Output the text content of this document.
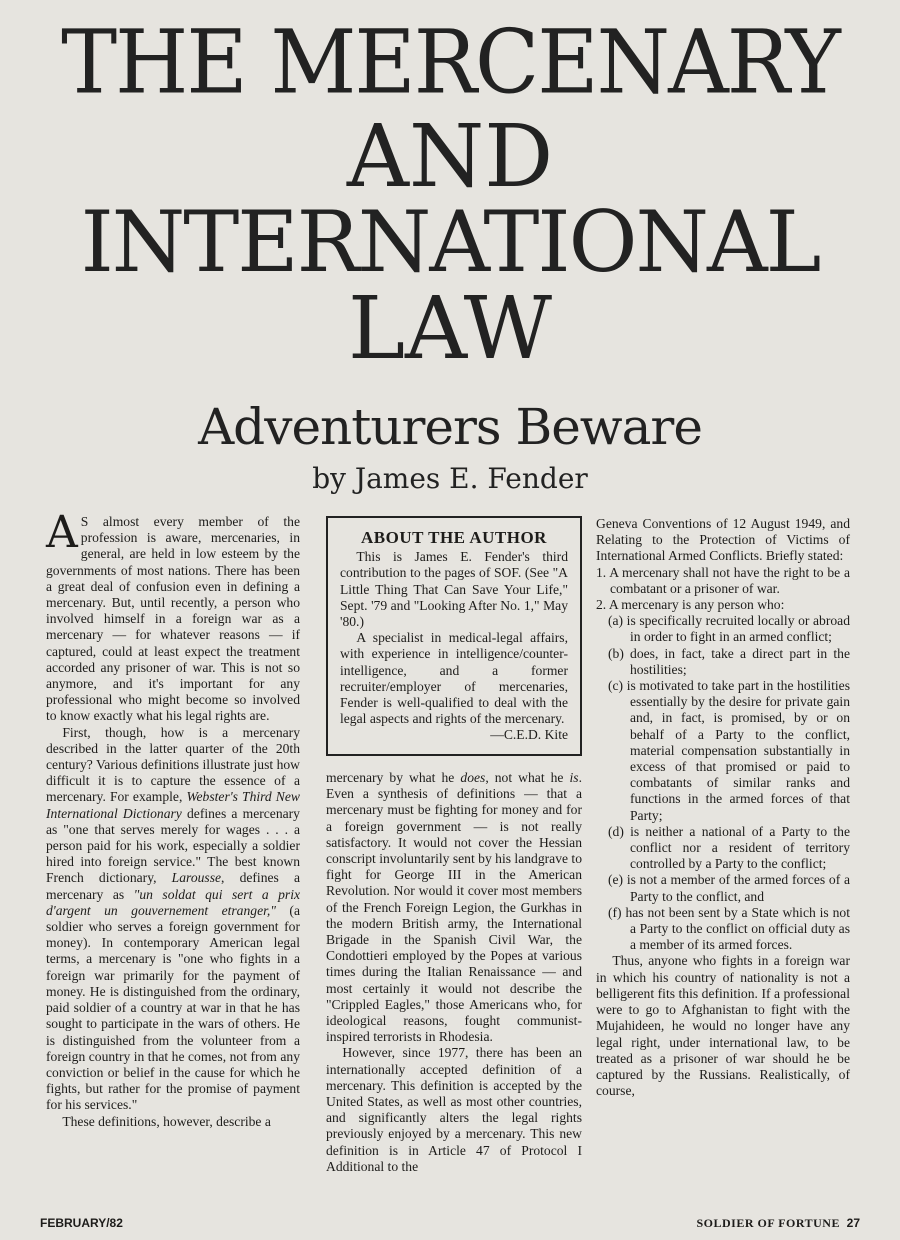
THE MERCENARY
AND
INTERNATIONAL
LAW
Adventurers Beware
by James E. Fender

A S almost every member of the profession is aware, mercenaries, in general, are held in low esteem by the governments of most nations. There has been a great deal of confusion even in defining a mercenary. But, until recently, a person who involved himself in a foreign war as a mercenary — for whatever reasons — if captured, could at least expect the treatment accorded any prisoner of war. This is not so anymore, and it's important for any professional who might become so involved to know exactly what his legal rights are.

First, though, how is a mercenary described in the latter quarter of the 20th century? Various definitions illustrate just how difficult it is to capture the essence of a mercenary. For example, Webster's Third New International Dictionary defines a mercenary as "one that serves merely for wages . . . a person paid for his work, especially a soldier hired into foreign service." The best known French dictionary, Larousse, defines a mercenary as "un soldat qui sert a prix d'argent un gouvernement etranger," (a soldier who serves a foreign government for money). In contemporary American legal terms, a mercenary is "one who fights in a foreign war primarily for the payment of money. He is distinguished from the ordinary, paid soldier of a country at war in that he has sought to participate in the wars of others. He is distinguished from the volunteer from a foreign country in that he comes, not from any conviction or belief in the cause for which he fights, but rather for the promise of payment for his services."

These definitions, however, describe a

ABOUT THE AUTHOR

This is James E. Fender's third contribution to the pages of SOF. (See "A Little Thing That Can Save Your Life," Sept. '79 and "Looking After No. 1," May '80.)

A specialist in medical-legal affairs, with experience in intelligence/counter-intelligence, and a former recruiter/employer of mercenaries, Fender is well-qualified to deal with the legal aspects and rights of the mercenary.
—C.E.D. Kite

mercenary by what he does, not what he is. Even a synthesis of definitions — that a mercenary must be fighting for money and for a foreign government — is not really satisfactory. It would not cover the Hessian conscript involuntarily sent by his landgrave to fight for George III in the American Revolution. Nor would it cover most members of the French Foreign Legion, the Gurkhas in the modern British army, the International Brigade in the Spanish Civil War, the Condottieri employed by the Popes at various times during the Italian Renaissance — and most certainly it would not describe the "Crippled Eagles," those Americans who, for ideological reasons, fought communist-inspired terrorists in Rhodesia.

However, since 1977, there has been an internationally accepted definition of a mercenary. This definition is accepted by the United States, as well as most other countries, and significantly alters the legal rights previously enjoyed by a mercenary. This new definition is in Article 47 of Protocol I Additional to the

Geneva Conventions of 12 August 1949, and Relating to the Protection of Victims of International Armed Conflicts. Briefly stated:

1. A mercenary shall not have the right to be a combatant or a prisoner of war.
2. A mercenary is any person who:
(a) is specifically recruited locally or abroad in order to fight in an armed conflict;
(b) does, in fact, take a direct part in the hostilities;
(c) is motivated to take part in the hostilities essentially by the desire for private gain and, in fact, is promised, by or on behalf of a Party to the conflict, material compensation substantially in excess of that promised or paid to combatants of similar ranks and functions in the armed forces of that Party;
(d) is neither a national of a Party to the conflict nor a resident of territory controlled by a Party to the conflict;
(e) is not a member of the armed forces of a Party to the conflict, and
(f) has not been sent by a State which is not a Party to the conflict on official duty as a member of its armed forces.

Thus, anyone who fights in a foreign war in which his country of nationality is not a belligerent fits this definition. If a professional were to go to Afghanistan to fight with the Mujahideen, he would no longer have any legal right, under international law, to be treated as a prisoner of war should he be captured by the Russians. Realistically, of course,

FEBRUARY/82	SOLDIER OF FORTUNE 27
